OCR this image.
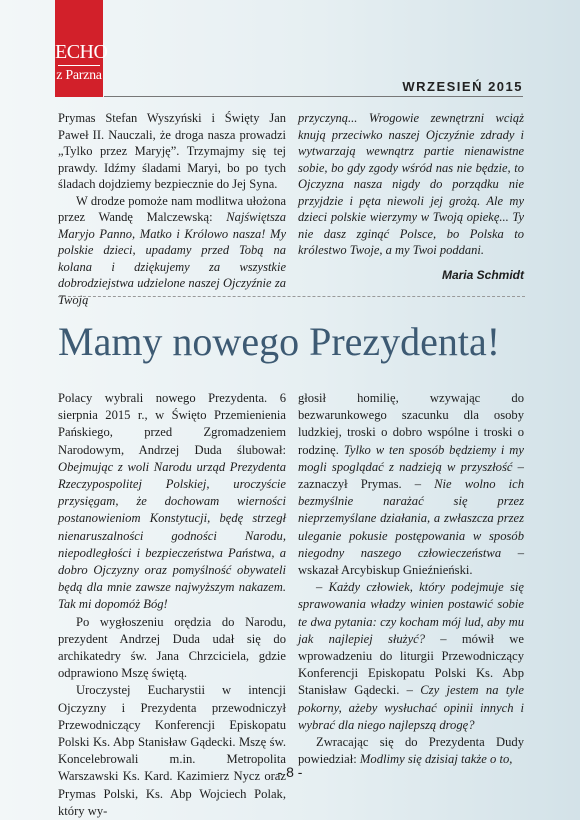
ECHO
z Parzna
WRZESIEŃ 2015

Prymas Stefan Wyszyński i Święty Jan Paweł II. Nauczali, że droga nasza prowadzi „Tylko przez Maryję”. Trzymajmy się tej prawdy. Idźmy śladami Maryi, bo po tych śladach dojdziemy bezpiecznie do Jej Syna.

W drodze pomoże nam modlitwa ułożona przez Wandę Malczewską: Najświętsza Maryjo Panno, Matko i Królowo nasza! My polskie dzieci, upadamy przed Tobą na kolana i dziękujemy za wszystkie dobrodziejstwa udzielone naszej Ojczyźnie za Twoją

przyczyną... Wrogowie zewnętrzni wciąż knują przeciwko naszej Ojczyźnie zdrady i wytwarzają wewnątrz partie nienawistne sobie, bo gdy zgody wśród nas nie będzie, to Ojczyzna nasza nigdy do porządku nie przyjdzie i pęta niewoli jej grożą. Ale my dzieci polskie wierzymy w Twoją opiekę... Ty nie dasz zginąć Polsce, bo Polska to królestwo Twoje, a my Twoi poddani.

Maria Schmidt
Mamy nowego Prezydenta!

Polacy wybrali nowego Prezydenta. 6 sierpnia 2015 r., w Święto Przemienienia Pańskiego, przed Zgromadzeniem Narodowym, Andrzej Duda ślubował: Obejmując z woli Narodu urząd Prezydenta Rzeczypospolitej Polskiej, uroczyście przysięgam, że dochowam wierności postanowieniom Konstytucji, będę strzegł nienaruszalności godności Narodu, niepodległości i bezpieczeństwa Państwa, a dobro Ojczyzny oraz pomyślność obywateli będą dla mnie zawsze najwyższym nakazem. Tak mi dopomóż Bóg!

Po wygłoszeniu orędzia do Narodu, prezydent Andrzej Duda udał się do archikatedry św. Jana Chrzciciela, gdzie odprawiono Mszę świętą.

Uroczystej Eucharystii w intencji Ojczyzny i Prezydenta przewodniczył Przewodniczący Konferencji Episkopatu Polski Ks. Abp Stanisław Gądecki. Mszę św. Koncelebrowali m.in. Metropolita Warszawski Ks. Kard. Kazimierz Nycz oraz Prymas Polski, Ks. Abp Wojciech Polak, który wy-

głosił homilię, wzywając do bezwarunkowego szacunku dla osoby ludzkiej, troski o dobro wspólne i troski o rodzinę. Tylko w ten sposób będziemy i my mogli spoglądać z nadzieją w przyszłość – zaznaczył Prymas. – Nie wolno ich bezmyślnie narażać się przez nieprzemyślane działania, a zwłaszcza przez uleganie pokusie postępowania w sposób niegodny naszego człowieczeństwa – wskazał Arcybiskup Gnieźnieński.

– Każdy człowiek, który podejmuje się sprawowania władzy winien postawić sobie te dwa pytania: czy kocham mój lud, aby mu jak najlepiej służyć? – mówił we wprowadzeniu do liturgii Przewodniczący Konferencji Episkopatu Polski Ks. Abp Stanisław Gądecki. – Czy jestem na tyle pokorny, ażeby wysłuchać opinii innych i wybrać dla niego najlepszą drogę?

Zwracając się do Prezydenta Dudy powiedział: Modlimy się dzisiaj także o to,

- 8 -
